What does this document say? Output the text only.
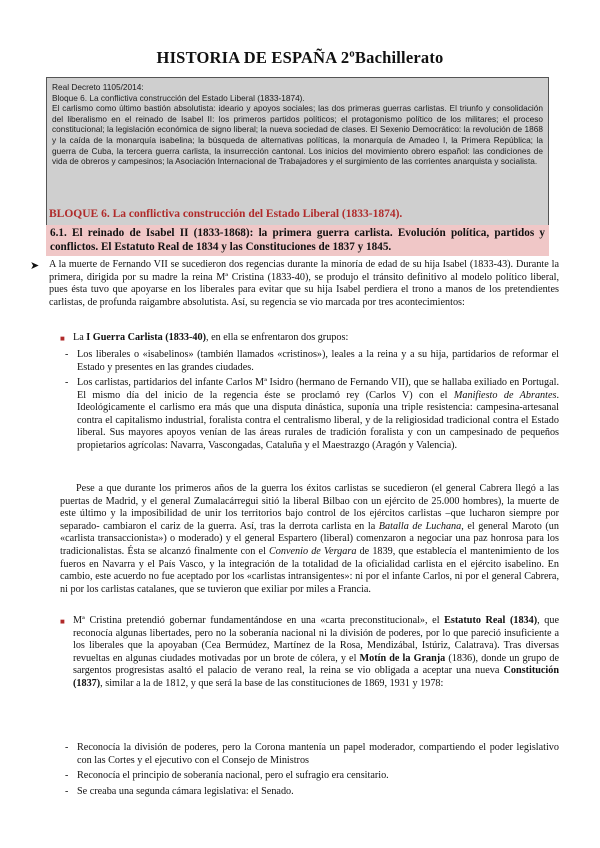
HISTORIA DE ESPAÑA 2ºBachillerato

Real Decreto 1105/2014:

Bloque 6. La conflictiva construcción del Estado Liberal (1833-1874).

El carlismo como último bastión absolutista: ideario y apoyos sociales; las dos primeras guerras carlistas. El triunfo y consolidación del liberalismo en el reinado de Isabel II: los primeros partidos políticos; el protagonismo político de los militares; el proceso constitucional; la legislación económica de signo liberal; la nueva sociedad de clases. El Sexenio Democrático: la revolución de 1868 y la caída de la monarquía isabelina; la búsqueda de alternativas políticas, la monarquía de Amadeo I, la Primera República; la guerra de Cuba, la tercera guerra carlista, la insurrección cantonal. Los inicios del movimiento obrero español: las condiciones de vida de obreros y campesinos; la Asociación Internacional de Trabajadores y el surgimiento de las corrientes anarquista y socialista.

BLOQUE 6. La conflictiva construcción del Estado Liberal (1833-1874).
6.1. El reinado de Isabel II (1833-1868): la primera guerra carlista. Evolución política, partidos y conflictos. El Estatuto Real de 1834 y las Constituciones de 1837 y 1845.
➤ A la muerte de Fernando VII se sucedieron dos regencias durante la minoría de edad de su hija Isabel (1833-43). Durante la primera, dirigida por su madre la reina Mª Cristina (1833-40), se produjo el tránsito definitivo al modelo político liberal, pues ésta tuvo que apoyarse en los liberales para evitar que su hija Isabel perdiera el trono a manos de los pretendientes carlistas, de profunda raigambre absolutista. Así, su regencia se vio marcada por tres acontecimientos:

■ La I Guerra Carlista (1833-40), en ella se enfrentaron dos grupos:

- Los liberales o «isabelinos» (también llamados «cristinos»), leales a la reina y a su hija, partidarios de reformar el Estado y presentes en las grandes ciudades.

- Los carlistas, partidarios del infante Carlos Mª Isidro (hermano de Fernando VII), que se hallaba exiliado en Portugal. El mismo día del inicio de la regencia éste se proclamó rey (Carlos V) con el Manifiesto de Abrantes. Ideológicamente el carlismo era más que una disputa dinástica, suponía una triple resistencia: campesina-artesanal contra el capitalismo industrial, foralista contra el centralismo liberal, y de la religiosidad tradicional contra el Estado liberal. Sus mayores apoyos venían de las áreas rurales de tradición foralista y con un campesinado de pequeños propietarios agrícolas: Navarra, Vascongadas, Cataluña y el Maestrazgo (Aragón y Valencia).

Pese a que durante los primeros años de la guerra los éxitos carlistas se sucedieron (el general Cabrera llegó a las puertas de Madrid, y el general Zumalacárregui sitió la liberal Bilbao con un ejército de 25.000 hombres), la muerte de este último y la imposibilidad de unir los territorios bajo control de los ejércitos carlistas –que lucharon siempre por separado- cambiaron el cariz de la guerra. Así, tras la derrota carlista en la Batalla de Luchana, el general Maroto (un «carlista transaccionista») o moderado) y el general Espartero (liberal) comenzaron a negociar una paz honrosa para los tradicionalistas. Ésta se alcanzó finalmente con el Convenio de Vergara de 1839, que establecía el mantenimiento de los fueros en Navarra y el País Vasco, y la integración de la totalidad de la oficialidad carlista en el ejército isabelino. En cambio, este acuerdo no fue aceptado por los «carlistas intransigentes»: ni por el infante Carlos, ni por el general Cabrera, ni por los carlistas catalanes, que se tuvieron que exiliar por miles a Francia.

■ Mª Cristina pretendió gobernar fundamentándose en una «carta preconstitucional», el Estatuto Real (1834), que reconocía algunas libertades, pero no la soberanía nacional ni la división de poderes, por lo que pareció insuficiente a los liberales que la apoyaban (Cea Bermúdez, Martínez de la Rosa, Mendizábal, Istúriz, Calatrava). Tras diversas revueltas en algunas ciudades motivadas por un brote de cólera, y el Motín de la Granja (1836), donde un grupo de sargentos progresistas asaltó el palacio de verano real, la reina se vio obligada a aceptar una nueva Constitución (1837), similar a la de 1812, y que será la base de las constituciones de 1869, 1931 y 1978:

- Reconocía la división de poderes, pero la Corona mantenía un papel moderador, compartiendo el poder legislativo con las Cortes y el ejecutivo con el Consejo de Ministros

- Reconocía el principio de soberanía nacional, pero el sufragio era censitario.

- Se creaba una segunda cámara legislativa: el Senado.
